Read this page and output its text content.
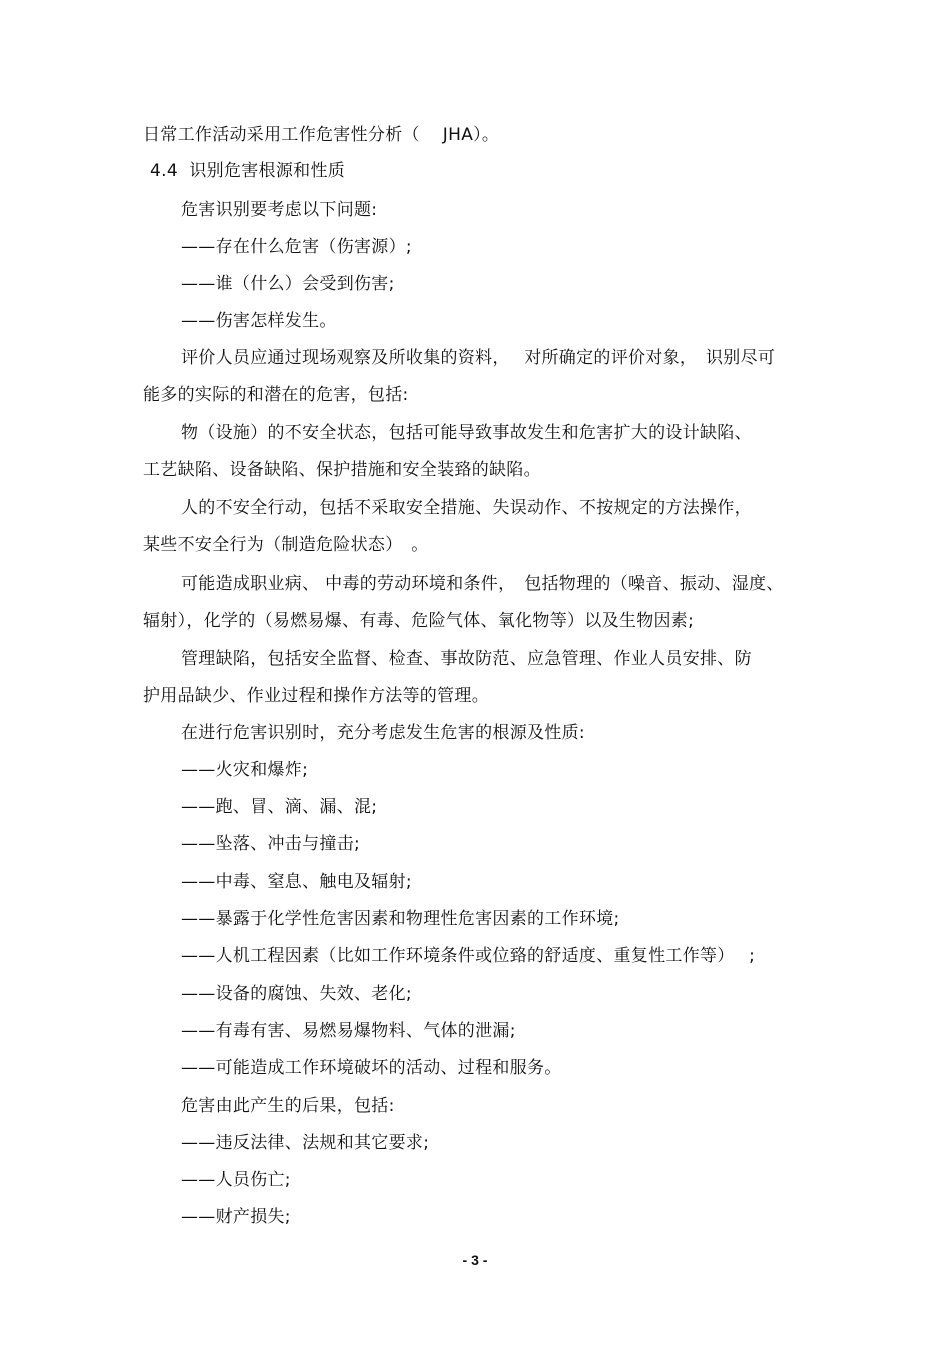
日常工作活动采用工作危害性分析（　 JHA）。
4.4  识别危害根源和性质
危害识别要考虑以下问题:
——存在什么危害（伤害源）;
——谁（什么）会受到伤害;
——伤害怎样发生。
评价人员应通过现场观察及所收集的资料，　 对所确定的评价对象，　识别尽可
能多的实际的和潜在的危害，包括:
物（设施）的不安全状态，包括可能导致事故发生和危害扩大的设计缺陷、
工艺缺陷、设备缺陷、保护措施和安全装臵的缺陷。
人的不安全行动，包括不采取安全措施、失误动作、不按规定的方法操作，
某些不安全行为（制造危险状态）　。
可能造成职业病、 中毒的劳动环境和条件，　包括物理的（噪音、振动、湿度、
辐射），化学的（易燃易爆、有毒、危险气体、氧化物等）以及生物因素;
管理缺陷，包括安全监督、检查、事故防范、应急管理、作业人员安排、防
护用品缺少、作业过程和操作方法等的管理。
在进行危害识别时，充分考虑发生危害的根源及性质:
——火灾和爆炸;
——跑、冒、滴、漏、混;
——坠落、冲击与撞击;
——中毒、窒息、触电及辐射;
——暴露于化学性危害因素和物理性危害因素的工作环境;
——人机工程因素（比如工作环境条件或位臵的舒适度、重复性工作等）　 ;
——设备的腐蚀、失效、老化;
——有毒有害、易燃易爆物料、气体的泄漏;
——可能造成工作环境破坏的活动、过程和服务。
危害由此产生的后果，包括:
——违反法律、法规和其它要求;
——人员伤亡;
——财产损失;
- 3 -
